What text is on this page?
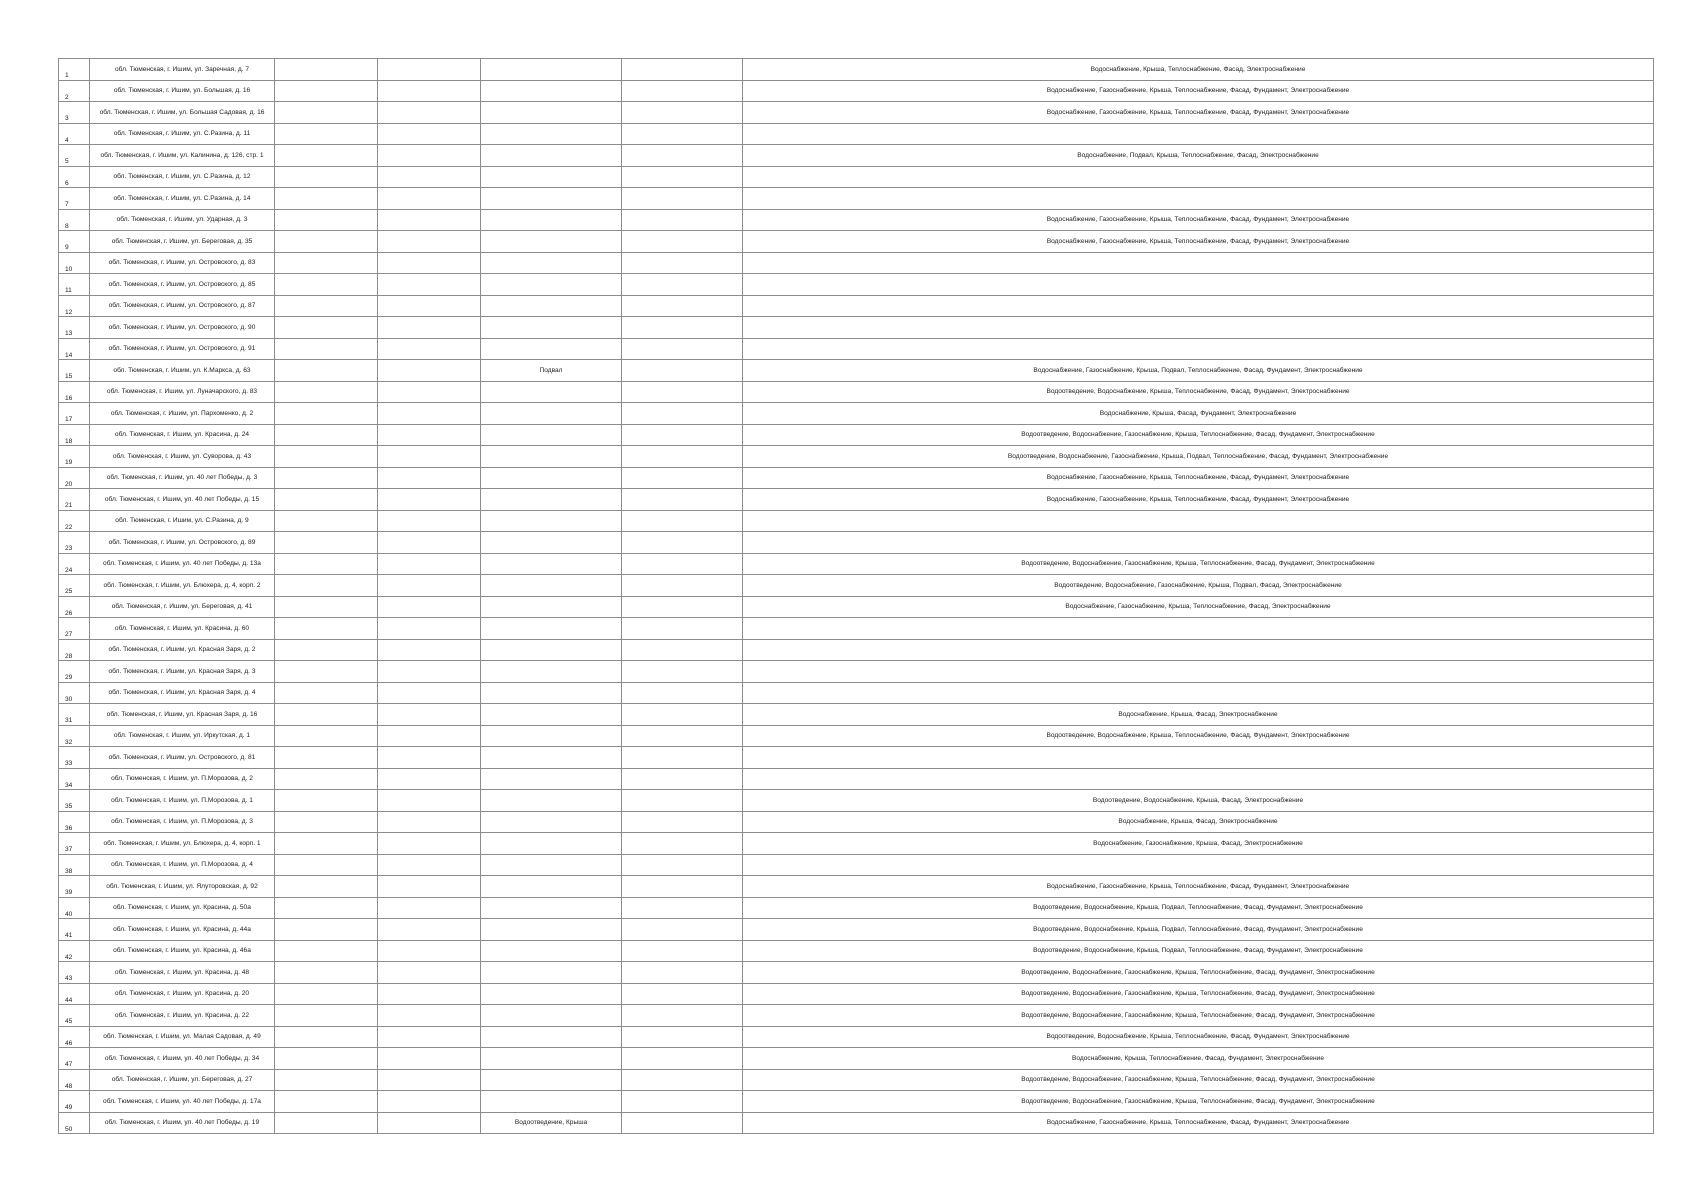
1	обл. Тюменская, г. Ишим, ул. Заречная, д. 7					Водоснабжение, Крыша, Теплоснабжение, Фасад, Электроснабжение
2	обл. Тюменская, г. Ишим, ул. Большая, д. 16					Водоснабжение, Газоснабжение, Крыша, Теплоснабжение, Фасад, Фундамент, Электроснабжение
3	обл. Тюменская, г. Ишим, ул. Большая Садовая, д. 16					Водоснабжение, Газоснабжение, Крыша, Теплоснабжение, Фасад, Фундамент, Электроснабжение
4	обл. Тюменская, г. Ишим, ул. С.Разина, д. 11					
5	обл. Тюменская, г. Ишим, ул. Калинина, д. 126, стр. 1					Водоснабжение, Подвал, Крыша, Теплоснабжение, Фасад, Электроснабжение
6	обл. Тюменская, г. Ишим, ул. С.Разина, д. 12					
7	обл. Тюменская, г. Ишим, ул. С.Разина, д. 14					
8	обл. Тюменская, г. Ишим, ул. Ударная, д. 3					Водоснабжение, Газоснабжение, Крыша, Теплоснабжение, Фасад, Фундамент, Электроснабжение
9	обл. Тюменская, г. Ишим, ул. Береговая, д. 35					Водоснабжение, Газоснабжение, Крыша, Теплоснабжение, Фасад, Фундамент, Электроснабжение
10	обл. Тюменская, г. Ишим, ул. Островского, д. 83					
11	обл. Тюменская, г. Ишим, ул. Островского, д. 85					
12	обл. Тюменская, г. Ишим, ул. Островского, д. 87					
13	обл. Тюменская, г. Ишим, ул. Островского, д. 90					
14	обл. Тюменская, г. Ишим, ул. Островского, д. 91					
15	обл. Тюменская, г. Ишим, ул. К.Маркса, д. 63			Подвал		Водоснабжение, Газоснабжение, Крыша, Подвал, Теплоснабжение, Фасад, Фундамент, Электроснабжение
16	обл. Тюменская, г. Ишим, ул. Луначарского, д. 83					Водоотведение, Водоснабжение, Крыша, Теплоснабжение, Фасад, Фундамент, Электроснабжение
17	обл. Тюменская, г. Ишим, ул. Пархоменко, д. 2					Водоснабжение, Крыша, Фасад, Фундамент, Электроснабжение
18	обл. Тюменская, г. Ишим, ул. Красина, д. 24					Водоотведение, Водоснабжение, Газоснабжение, Крыша, Теплоснабжение, Фасад, Фундамент, Электроснабжение
19	обл. Тюменская, г. Ишим, ул. Суворова, д. 43					Водоотведение, Водоснабжение, Газоснабжение, Крыша, Подвал, Теплоснабжение, Фасад, Фундамент, Электроснабжение
20	обл. Тюменская, г. Ишим, ул. 40 лет Победы, д. 3					Водоснабжение, Газоснабжение, Крыша, Теплоснабжение, Фасад, Фундамент, Электроснабжение
21	обл. Тюменская, г. Ишим, ул. 40 лет Победы, д. 15					Водоснабжение, Газоснабжение, Крыша, Теплоснабжение, Фасад, Фундамент, Электроснабжение
22	обл. Тюменская, г. Ишим, ул. С.Разина, д. 9					
23	обл. Тюменская, г. Ишим, ул. Островского, д. 89					
24	обл. Тюменская, г. Ишим, ул. 40 лет Победы, д. 13а					Водоотведение, Водоснабжение, Газоснабжение, Крыша, Теплоснабжение, Фасад, Фундамент, Электроснабжение
25	обл. Тюменская, г. Ишим, ул. Блюхера, д. 4, корп. 2					Водоотведение, Водоснабжение, Газоснабжение, Крыша, Подвал, Фасад, Электроснабжение
26	обл. Тюменская, г. Ишим, ул. Береговая, д. 41					Водоснабжение, Газоснабжение, Крыша, Теплоснабжение, Фасад, Электроснабжение
27	обл. Тюменская, г. Ишим, ул. Красина, д. 60					
28	обл. Тюменская, г. Ишим, ул. Красная Заря, д. 2					
29	обл. Тюменская, г. Ишим, ул. Красная Заря, д. 3					
30	обл. Тюменская, г. Ишим, ул. Красная Заря, д. 4					
31	обл. Тюменская, г. Ишим, ул. Красная Заря, д. 16					Водоснабжение, Крыша, Фасад, Электроснабжение
32	обл. Тюменская, г. Ишим, ул. Иркутская, д. 1					Водоотведение, Водоснабжение, Крыша, Теплоснабжение, Фасад, Фундамент, Электроснабжение
33	обл. Тюменская, г. Ишим, ул. Островского, д. 81					
34	обл. Тюменская, г. Ишим, ул. П.Морозова, д. 2					
35	обл. Тюменская, г. Ишим, ул. П.Морозова, д. 1					Водоотведение, Водоснабжение, Крыша, Фасад, Электроснабжение
36	обл. Тюменская, г. Ишим, ул. П.Морозова, д. 3					Водоснабжение, Крыша, Фасад, Электроснабжение
37	обл. Тюменская, г. Ишим, ул. Блюхера, д. 4, корп. 1					Водоснабжение, Газоснабжение, Крыша, Фасад, Электроснабжение
38	обл. Тюменская, г. Ишим, ул. П.Морозова, д. 4					
39	обл. Тюменская, г. Ишим, ул. Ялуторовская, д. 92					Водоснабжение, Газоснабжение, Крыша, Теплоснабжение, Фасад, Фундамент, Электроснабжение
40	обл. Тюменская, г. Ишим, ул. Красина, д. 50а					Водоотведение, Водоснабжение, Крыша, Подвал, Теплоснабжение, Фасад, Фундамент, Электроснабжение
41	обл. Тюменская, г. Ишим, ул. Красина, д. 44а					Водоотведение, Водоснабжение, Крыша, Подвал, Теплоснабжение, Фасад, Фундамент, Электроснабжение
42	обл. Тюменская, г. Ишим, ул. Красина, д. 46а					Водоотведение, Водоснабжение, Крыша, Подвал, Теплоснабжение, Фасад, Фундамент, Электроснабжение
43	обл. Тюменская, г. Ишим, ул. Красина, д. 48					Водоотведение, Водоснабжение, Газоснабжение, Крыша, Теплоснабжение, Фасад, Фундамент, Электроснабжение
44	обл. Тюменская, г. Ишим, ул. Красина, д. 20					Водоотведение, Водоснабжение, Газоснабжение, Крыша, Теплоснабжение, Фасад, Фундамент, Электроснабжение
45	обл. Тюменская, г. Ишим, ул. Красина, д. 22					Водоотведение, Водоснабжение, Газоснабжение, Крыша, Теплоснабжение, Фасад, Фундамент, Электроснабжение
46	обл. Тюменская, г. Ишим, ул. Малая Садовая, д. 49					Водоотведение, Водоснабжение, Крыша, Теплоснабжение, Фасад, Фундамент, Электроснабжение
47	обл. Тюменская, г. Ишим, ул. 40 лет Победы, д. 34					Водоснабжение, Крыша, Теплоснабжение, Фасад, Фундамент, Электроснабжение
48	обл. Тюменская, г. Ишим, ул. Береговая, д. 27					Водоотведение, Водоснабжение, Газоснабжение, Крыша, Теплоснабжение, Фасад, Фундамент, Электроснабжение
49	обл. Тюменская, г. Ишим, ул. 40 лет Победы, д. 17а					Водоотведение, Водоснабжение, Газоснабжение, Крыша, Теплоснабжение, Фасад, Фундамент, Электроснабжение
50	обл. Тюменская, г. Ишим, ул. 40 лет Победы, д. 19			Водоотведение, Крыша		Водоснабжение, Газоснабжение, Крыша, Теплоснабжение, Фасад, Фундамент, Электроснабжение
